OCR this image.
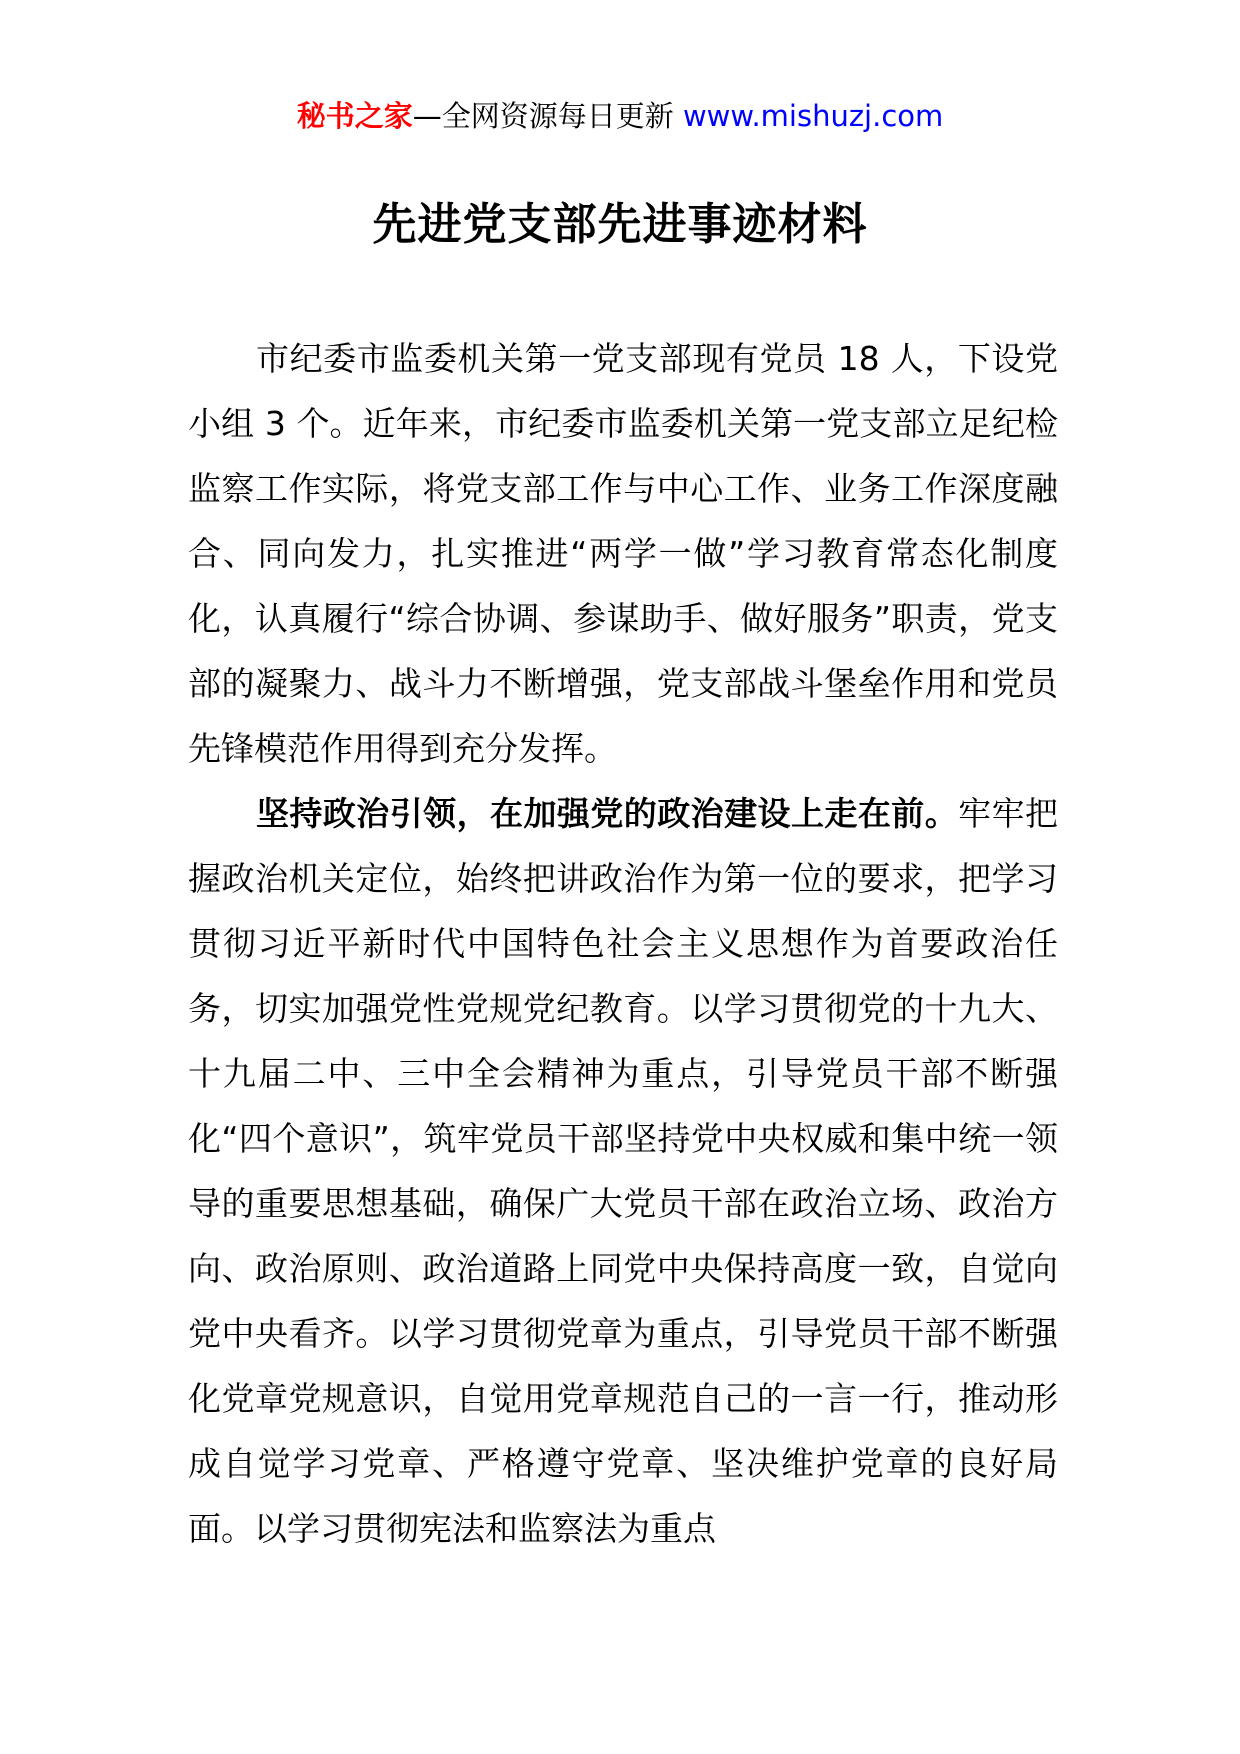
秘书之家—全网资源每日更新 www.mishuzj.com
先进党支部先进事迹材料

市纪委市监委机关第一党支部现有党员 18 人，下设党小组 3 个。近年来，市纪委市监委机关第一党支部立足纪检监察工作实际，将党支部工作与中心工作、业务工作深度融合、同向发力，扎实推进“两学一做”学习教育常态化制度化，认真履行“综合协调、参谋助手、做好服务”职责，党支部的凝聚力、战斗力不断增强，党支部战斗堡垒作用和党员先锋模范作用得到充分发挥。

坚持政治引领，在加强党的政治建设上走在前。牢牢把握政治机关定位，始终把讲政治作为第一位的要求，把学习贯彻习近平新时代中国特色社会主义思想作为首要政治任务，切实加强党性党规党纪教育。以学习贯彻党的十九大、十九届二中、三中全会精神为重点，引导党员干部不断强化“四个意识”，筑牢党员干部坚持党中央权威和集中统一领导的重要思想基础，确保广大党员干部在政治立场、政治方向、政治原则、政治道路上同党中央保持高度一致，自觉向党中央看齐。以学习贯彻党章为重点，引导党员干部不断强化党章党规意识，自觉用党章规范自己的一言一行，推动形成自觉学习党章、严格遵守党章、坚决维护党章的良好局面。以学习贯彻宪法和监察法为重点
